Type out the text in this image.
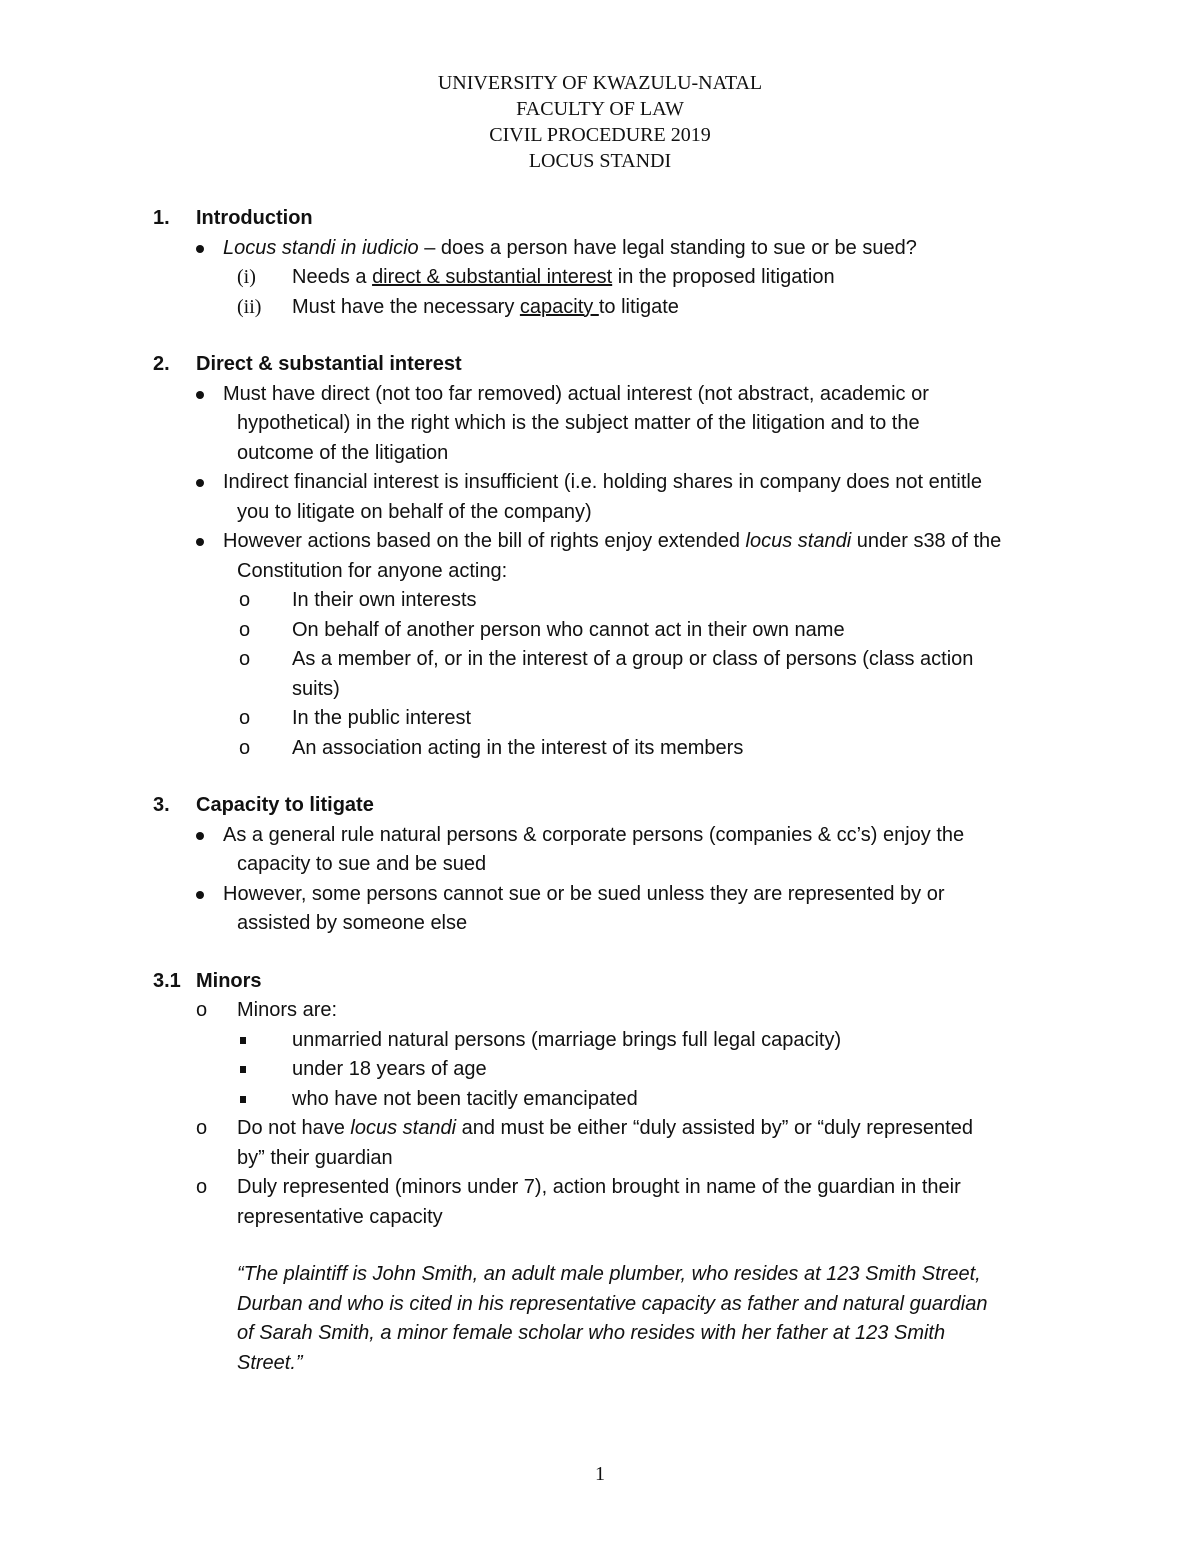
UNIVERSITY OF KWAZULU-NATAL
FACULTY OF LAW
CIVIL PROCEDURE 2019
LOCUS STANDI
1. Introduction
Locus standi in iudicio – does a person have legal standing to sue or be sued?
(i) Needs a direct & substantial interest in the proposed litigation
(ii) Must have the necessary capacity to litigate
2. Direct & substantial interest
Must have direct (not too far removed) actual interest (not abstract, academic or
hypothetical) in the right which is the subject matter of the litigation and to the
outcome of the litigation
Indirect financial interest is insufficient (i.e. holding shares in company does not entitle
you to litigate on behalf of the company)
However actions based on the bill of rights enjoy extended locus standi under s38 of the
Constitution for anyone acting:
o In their own interests
o On behalf of another person who cannot act in their own name
o As a member of, or in the interest of a group or class of persons (class action
suits)
o In the public interest
o An association acting in the interest of its members
3. Capacity to litigate
As a general rule natural persons & corporate persons (companies & cc’s) enjoy the
capacity to sue and be sued
However, some persons cannot sue or be sued unless they are represented by or
assisted by someone else
3.1 Minors
o Minors are:
unmarried natural persons (marriage brings full legal capacity)
under 18 years of age
who have not been tacitly emancipated
o Do not have locus standi and must be either “duly assisted by” or “duly represented
by” their guardian
o Duly represented (minors under 7), action brought in name of the guardian in their
representative capacity
“The plaintiff is John Smith, an adult male plumber, who resides at 123 Smith Street,
Durban and who is cited in his representative capacity as father and natural guardian
of Sarah Smith, a minor female scholar who resides with her father at 123 Smith
Street.”
1
